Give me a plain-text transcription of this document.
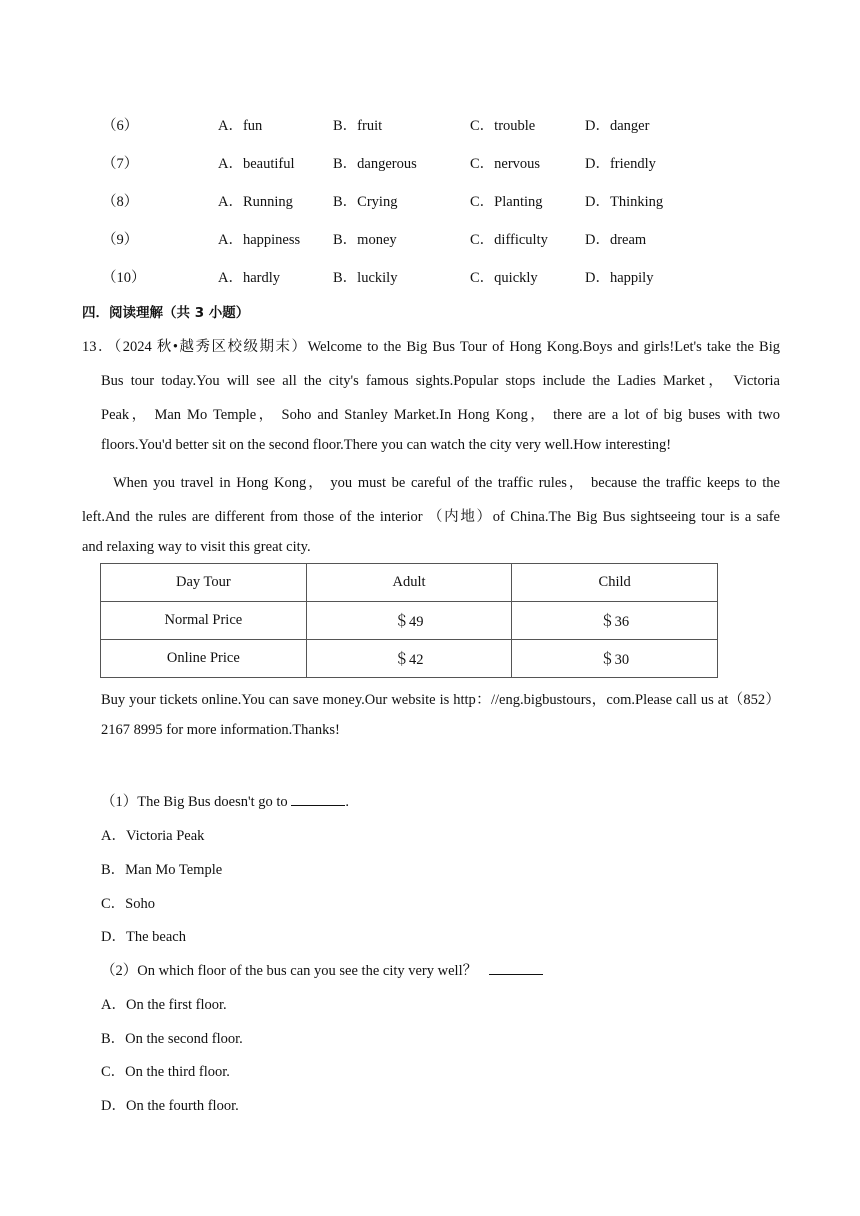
（6）	A．fun	B．fruit	C．trouble	D．danger
（7）	A．beautiful	B．dangerous	C．nervous	D．friendly
（8）	A．Running	B．Crying	C．Planting	D．Thinking
（9）	A．happiness B．money	C．difficulty	D．dream
（10）	A．hardly	B．luckily	C．quickly	D．happily
四．阅读理解（共 3 小题）
13．（2024 秋•越秀区校级期末）Welcome to the Big Bus Tour of Hong Kong.Boys and girls!Let's take the Big
Bus tour today.You will see all the city's famous sights.Popular stops include the Ladies Market， Victoria
Peak， Man Mo Temple， Soho and Stanley Market.In Hong Kong， there are a lot of big buses with two
floors.You'd better sit on the second floor.There you can watch the city very well.How interesting!
When you travel in Hong Kong， you must be careful of the traffic rules， because the traffic keeps to the
left.And the rules are different from those of the interior （内地）of China.The Big Bus sightseeing tour is a safe
and relaxing way to visit this great city.
Day Tour	Adult	Child
Normal Price	＄49	＄36
Online Price	＄42	＄30
Buy your tickets online.You can save money.Our website is http：//eng.bigbustours，com.Please call us at（852）
2167 8995 for more information.Thanks!
（1）The Big Bus doesn't go to	.
A．Victoria Peak
B．Man Mo Temple
C．Soho
D．The beach
（2）On which floor of the bus can you see the city very well？
A．On the first floor.
B．On the second floor.
C．On the third floor.
D．On the fourth floor.
